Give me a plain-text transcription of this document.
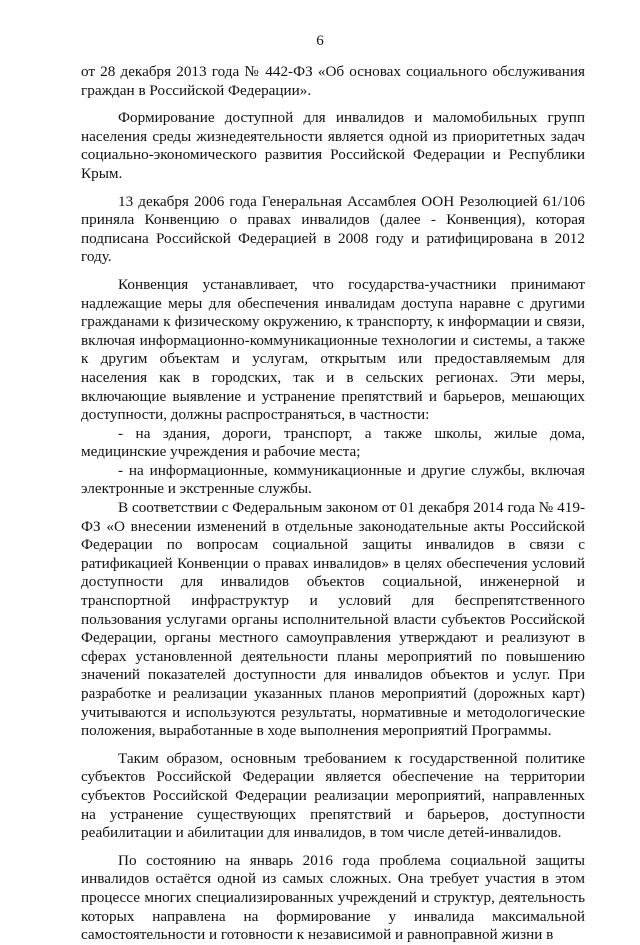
6

от 28 декабря 2013 года № 442-ФЗ «Об основах социального обслуживания граждан в Российской Федерации».

Формирование доступной для инвалидов и маломобильных групп населения среды жизнедеятельности является одной из приоритетных задач социально-экономического развития Российской Федерации и Республики Крым.

13 декабря 2006 года Генеральная Ассамблея ООН Резолюцией 61/106 приняла Конвенцию о правах инвалидов (далее - Конвенция), которая подписана Российской Федерацией в 2008 году и ратифицирована в 2012 году.

Конвенция устанавливает, что государства-участники принимают надлежащие меры для обеспечения инвалидам доступа наравне с другими гражданами к физическому окружению, к транспорту, к информации и связи, включая информационно-коммуникационные технологии и системы, а также к другим объектам и услугам, открытым или предоставляемым для населения как в городских, так и в сельских регионах. Эти меры, включающие выявление и устранение препятствий и барьеров, мешающих доступности, должны распространяться, в частности:

- на здания, дороги, транспорт, а также школы, жилые дома, медицинские учреждения и рабочие места;

- на информационные, коммуникационные и другие службы, включая электронные и экстренные службы.

В соответствии с Федеральным законом от 01 декабря 2014 года № 419-ФЗ «О внесении изменений в отдельные законодательные акты Российской Федерации по вопросам социальной защиты инвалидов в связи с ратификацией Конвенции о правах инвалидов» в целях обеспечения условий доступности для инвалидов объектов социальной, инженерной и транспортной инфраструктур и условий для беспрепятственного пользования услугами органы исполнительной власти субъектов Российской Федерации, органы местного самоуправления утверждают и реализуют в сферах установленной деятельности планы мероприятий по повышению значений показателей доступности для инвалидов объектов и услуг. При разработке и реализации указанных планов мероприятий (дорожных карт) учитываются и используются результаты, нормативные и методологические положения, выработанные в ходе выполнения мероприятий Программы.

Таким образом, основным требованием к государственной политике субъектов Российской Федерации является обеспечение на территории субъектов Российской Федерации реализации мероприятий, направленных на устранение существующих препятствий и барьеров, доступности реабилитации и абилитации для инвалидов, в том числе детей-инвалидов.

По состоянию на январь 2016 года проблема социальной защиты инвалидов остаётся одной из самых сложных. Она требует участия в этом процессе многих специализированных учреждений и структур, деятельность которых направлена на формирование у инвалида максимальной самостоятельности и готовности к независимой и равноправной жизни в
